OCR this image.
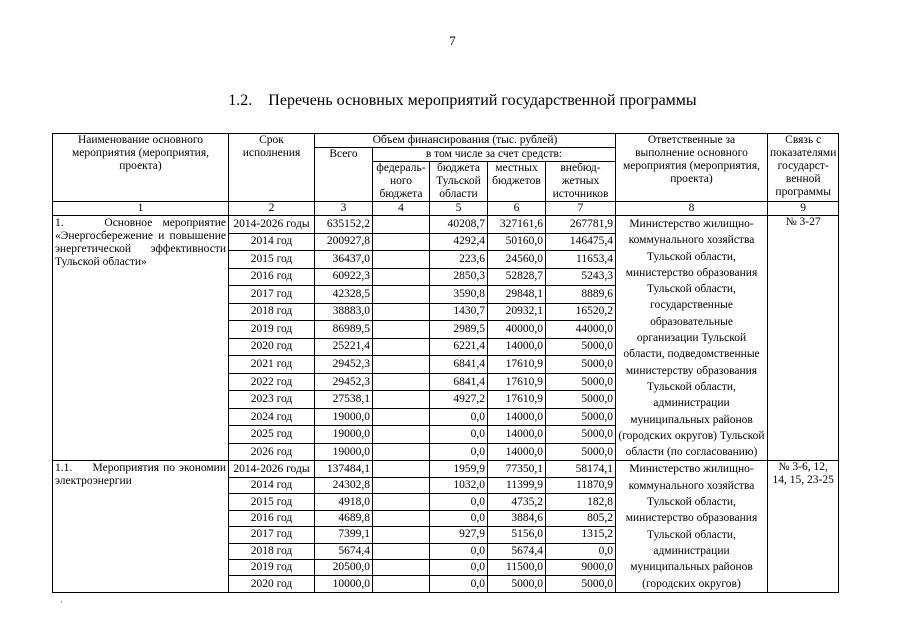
7
1.2.    Перечень основных мероприятий государственной программы
Наименование основного мероприятия (мероприятия, проекта)	Срок исполнения	Объем финансирования (тыс. рублей)					Ответственные за выполнение основного мероприятия (мероприятия, проекта)	Связь с показателями государст-венной программы
		Всего	в том числе за счет средств:					
			федераль-ного бюджета	бюджета Тульской области	местных бюджетов	внебюд-жетных источников		
1	2	3	4	5	6	7	8	9
1.    Основное мероприятие «Энергосбережение и повышение энергетической эффективности Тульской области»	2014-2026 годы	635152,2		40208,7	327161,6	267781,9	Министерство жилищно-коммунального хозяйства Тульской области, министерство образования Тульской области, государственные образовательные организации Тульской области, подведомственные министерству образования Тульской области, администрации муниципальных районов (городских округов) Тульской области (по согласованию)	№ 3-27
	2014 год	200927,8		4292,4	50160,0	146475,4		
	2015 год	36437,0		223,6	24560,0	11653,4		
	2016 год	60922,3		2850,3	52828,7	5243,3		
	2017 год	42328,5		3590,8	29848,1	8889,6		
	2018 год	38883,0		1430,7	20932,1	16520,2		
	2019 год	86989,5		2989,5	40000,0	44000,0		
	2020 год	25221,4		6221,4	14000,0	5000,0		
	2021 год	29452,3		6841,4	17610,9	5000,0		
	2022 год	29452,3		6841,4	17610,9	5000,0		
	2023 год	27538,1		4927,2	17610,9	5000,0		
	2024 год	19000,0		0,0	14000,0	5000,0		
	2025 год	19000,0		0,0	14000,0	5000,0		
	2026 год	19000,0		0,0	14000,0	5000,0		
1.1.     Мероприятия по экономии электроэнергии	2014-2026 годы	137484,1		1959,9	77350,1	58174,1	Министерство жилищно-коммунального хозяйства Тульской области, министерство образования Тульской области, администрации муниципальных районов (городских округов)	№ 3-6, 12, 14, 15, 23-25
	2014 год	24302,8		1032,0	11399,9	11870,9		
	2015 год	4918,0		0,0	4735,2	182,8		
	2016 год	4689,8		0,0	3884,6	805,2		
	2017 год	7399,1		927,9	5156,0	1315,2		
	2018 год	5674,4		0,0	5674,4	0,0		
	2019 год	20500,0		0,0	11500,0	9000,0		
	2020 год	10000,0		0,0	5000,0	5000,0		
·
